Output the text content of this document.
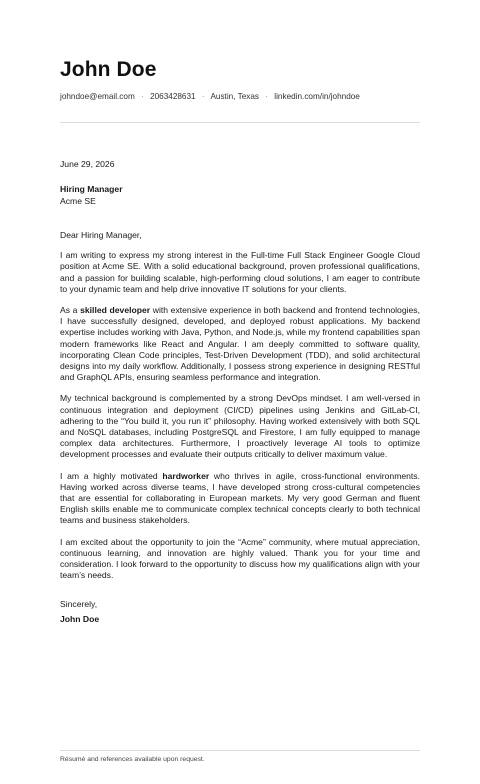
John Doe
johndoe@email.com · 2063428631 · Austin, Texas · linkedin.com/in/johndoe
June 29, 2026
Hiring Manager
Acme SE

Dear Hiring Manager,

I am writing to express my strong interest in the Full-time Full Stack Engineer Google Cloud position at Acme SE. With a solid educational background, proven professional qualifications, and a passion for building scalable, high-performing cloud solutions, I am eager to contribute to your dynamic team and help drive innovative IT solutions for your clients.

As a skilled developer with extensive experience in both backend and frontend technologies, I have successfully designed, developed, and deployed robust applications. My backend expertise includes working with Java, Python, and Node.js, while my frontend capabilities span modern frameworks like React and Angular. I am deeply committed to software quality, incorporating Clean Code principles, Test-Driven Development (TDD), and solid architectural designs into my daily workflow. Additionally, I possess strong experience in designing RESTful and GraphQL APIs, ensuring seamless performance and integration.

My technical background is complemented by a strong DevOps mindset. I am well-versed in continuous integration and deployment (CI/CD) pipelines using Jenkins and GitLab-CI, adhering to the “You build it, you run it” philosophy. Having worked extensively with both SQL and NoSQL databases, including PostgreSQL and Firestore, I am fully equipped to manage complex data architectures. Furthermore, I proactively leverage AI tools to optimize development processes and evaluate their outputs critically to deliver maximum value.

I am a highly motivated hardworker who thrives in agile, cross-functional environments. Having worked across diverse teams, I have developed strong cross-cultural competencies that are essential for collaborating in European markets. My very good German and fluent English skills enable me to communicate complex technical concepts clearly to both technical teams and business stakeholders.

I am excited about the opportunity to join the “Acme” community, where mutual appreciation, continuous learning, and innovation are highly valued. Thank you for your time and consideration. I look forward to the opportunity to discuss how my qualifications align with your team’s needs.

Sincerely,
John Doe
Résumé and references available upon request.
